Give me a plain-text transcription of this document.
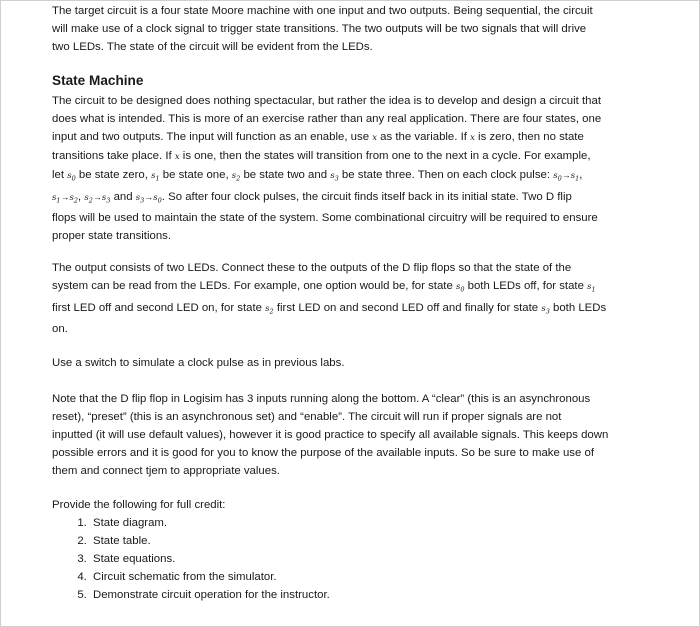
The target circuit is a four state Moore machine with one input and two outputs. Being sequential, the circuit
will make use of a clock signal to trigger state transitions. The two outputs will be two signals that will drive
two LEDs. The state of the circuit will be evident from the LEDs.
State Machine
The circuit to be designed does nothing spectacular, but rather the idea is to develop and design a circuit that
does what is intended. This is more of an exercise rather than any real application. There are four states, one
input and two outputs. The input will function as an enable, use x as the variable. If x is zero, then no state
transitions take place. If x is one, then the states will transition from one to the next in a cycle. For example,
let $s_0$ be state zero, $s_1$ be state one, $s_2$ be state two and $s_3$ be state three. Then on each clock pulse: $s_0\to s_1$,
$s_1\to s_2$, $s_2\to s_3$ and $s_3\to s_0$. So after four clock pulses, the circuit finds itself back in its initial state. Two D flip
flops will be used to maintain the state of the system. Some combinational circuitry will be required to ensure
proper state transitions.
The output consists of two LEDs. Connect these to the outputs of the D flip flops so that the state of the
system can be read from the LEDs. For example, one option would be, for state $s_0$ both LEDs off, for state $s_1$
first LED off and second LED on, for state $s_2$ first LED on and second LED off and finally for state $s_3$ both LEDs
on.
Use a switch to simulate a clock pulse as in previous labs.
Note that the D flip flop in Logisim has 3 inputs running along the bottom. A “clear” (this is an asynchronous
reset), “preset” (this is an asynchronous set) and “enable”. The circuit will run if proper signals are not
inputted (it will use default values), however it is good practice to specify all available signals. This keeps down
possible errors and it is good for you to know the purpose of the available inputs. So be sure to make use of
them and connect tjem to appropriate values.
Provide the following for full credit:
1. State diagram.
2. State table.
3. State equations.
4. Circuit schematic from the simulator.
5. Demonstrate circuit operation for the instructor.
